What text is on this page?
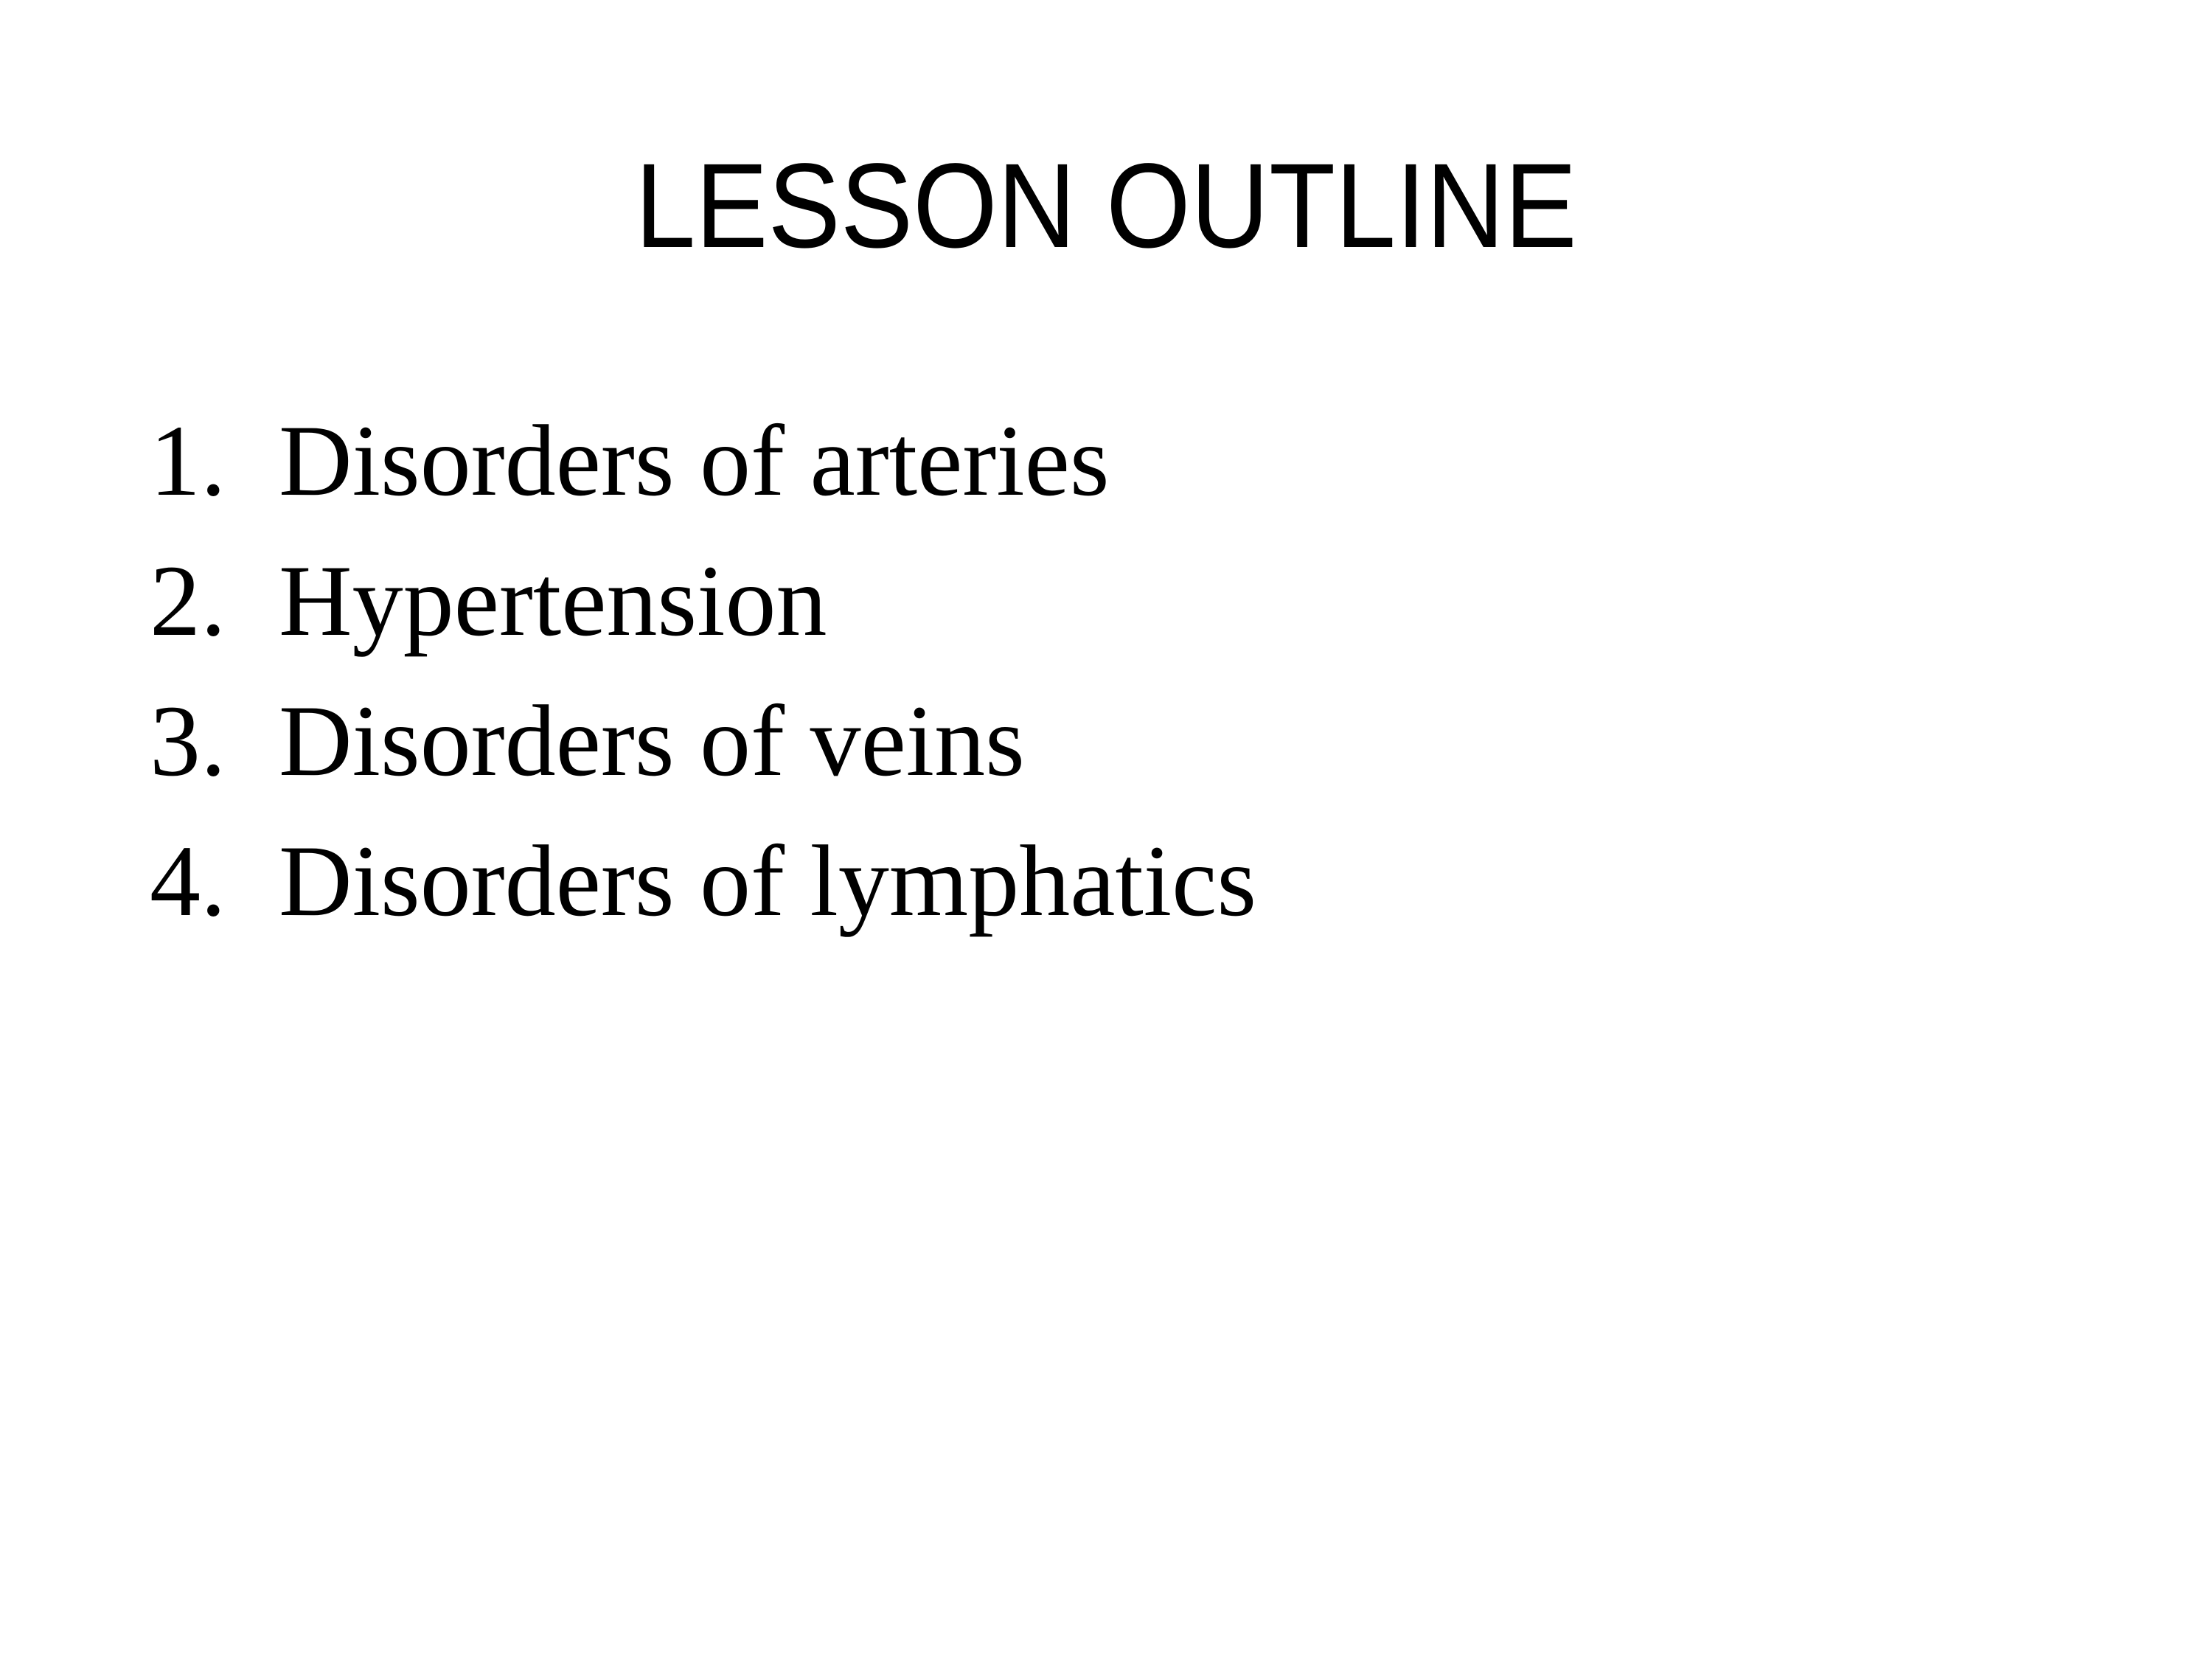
LESSON OUTLINE
1. Disorders of arteries
2. Hypertension
3. Disorders of veins
4. Disorders of lymphatics
